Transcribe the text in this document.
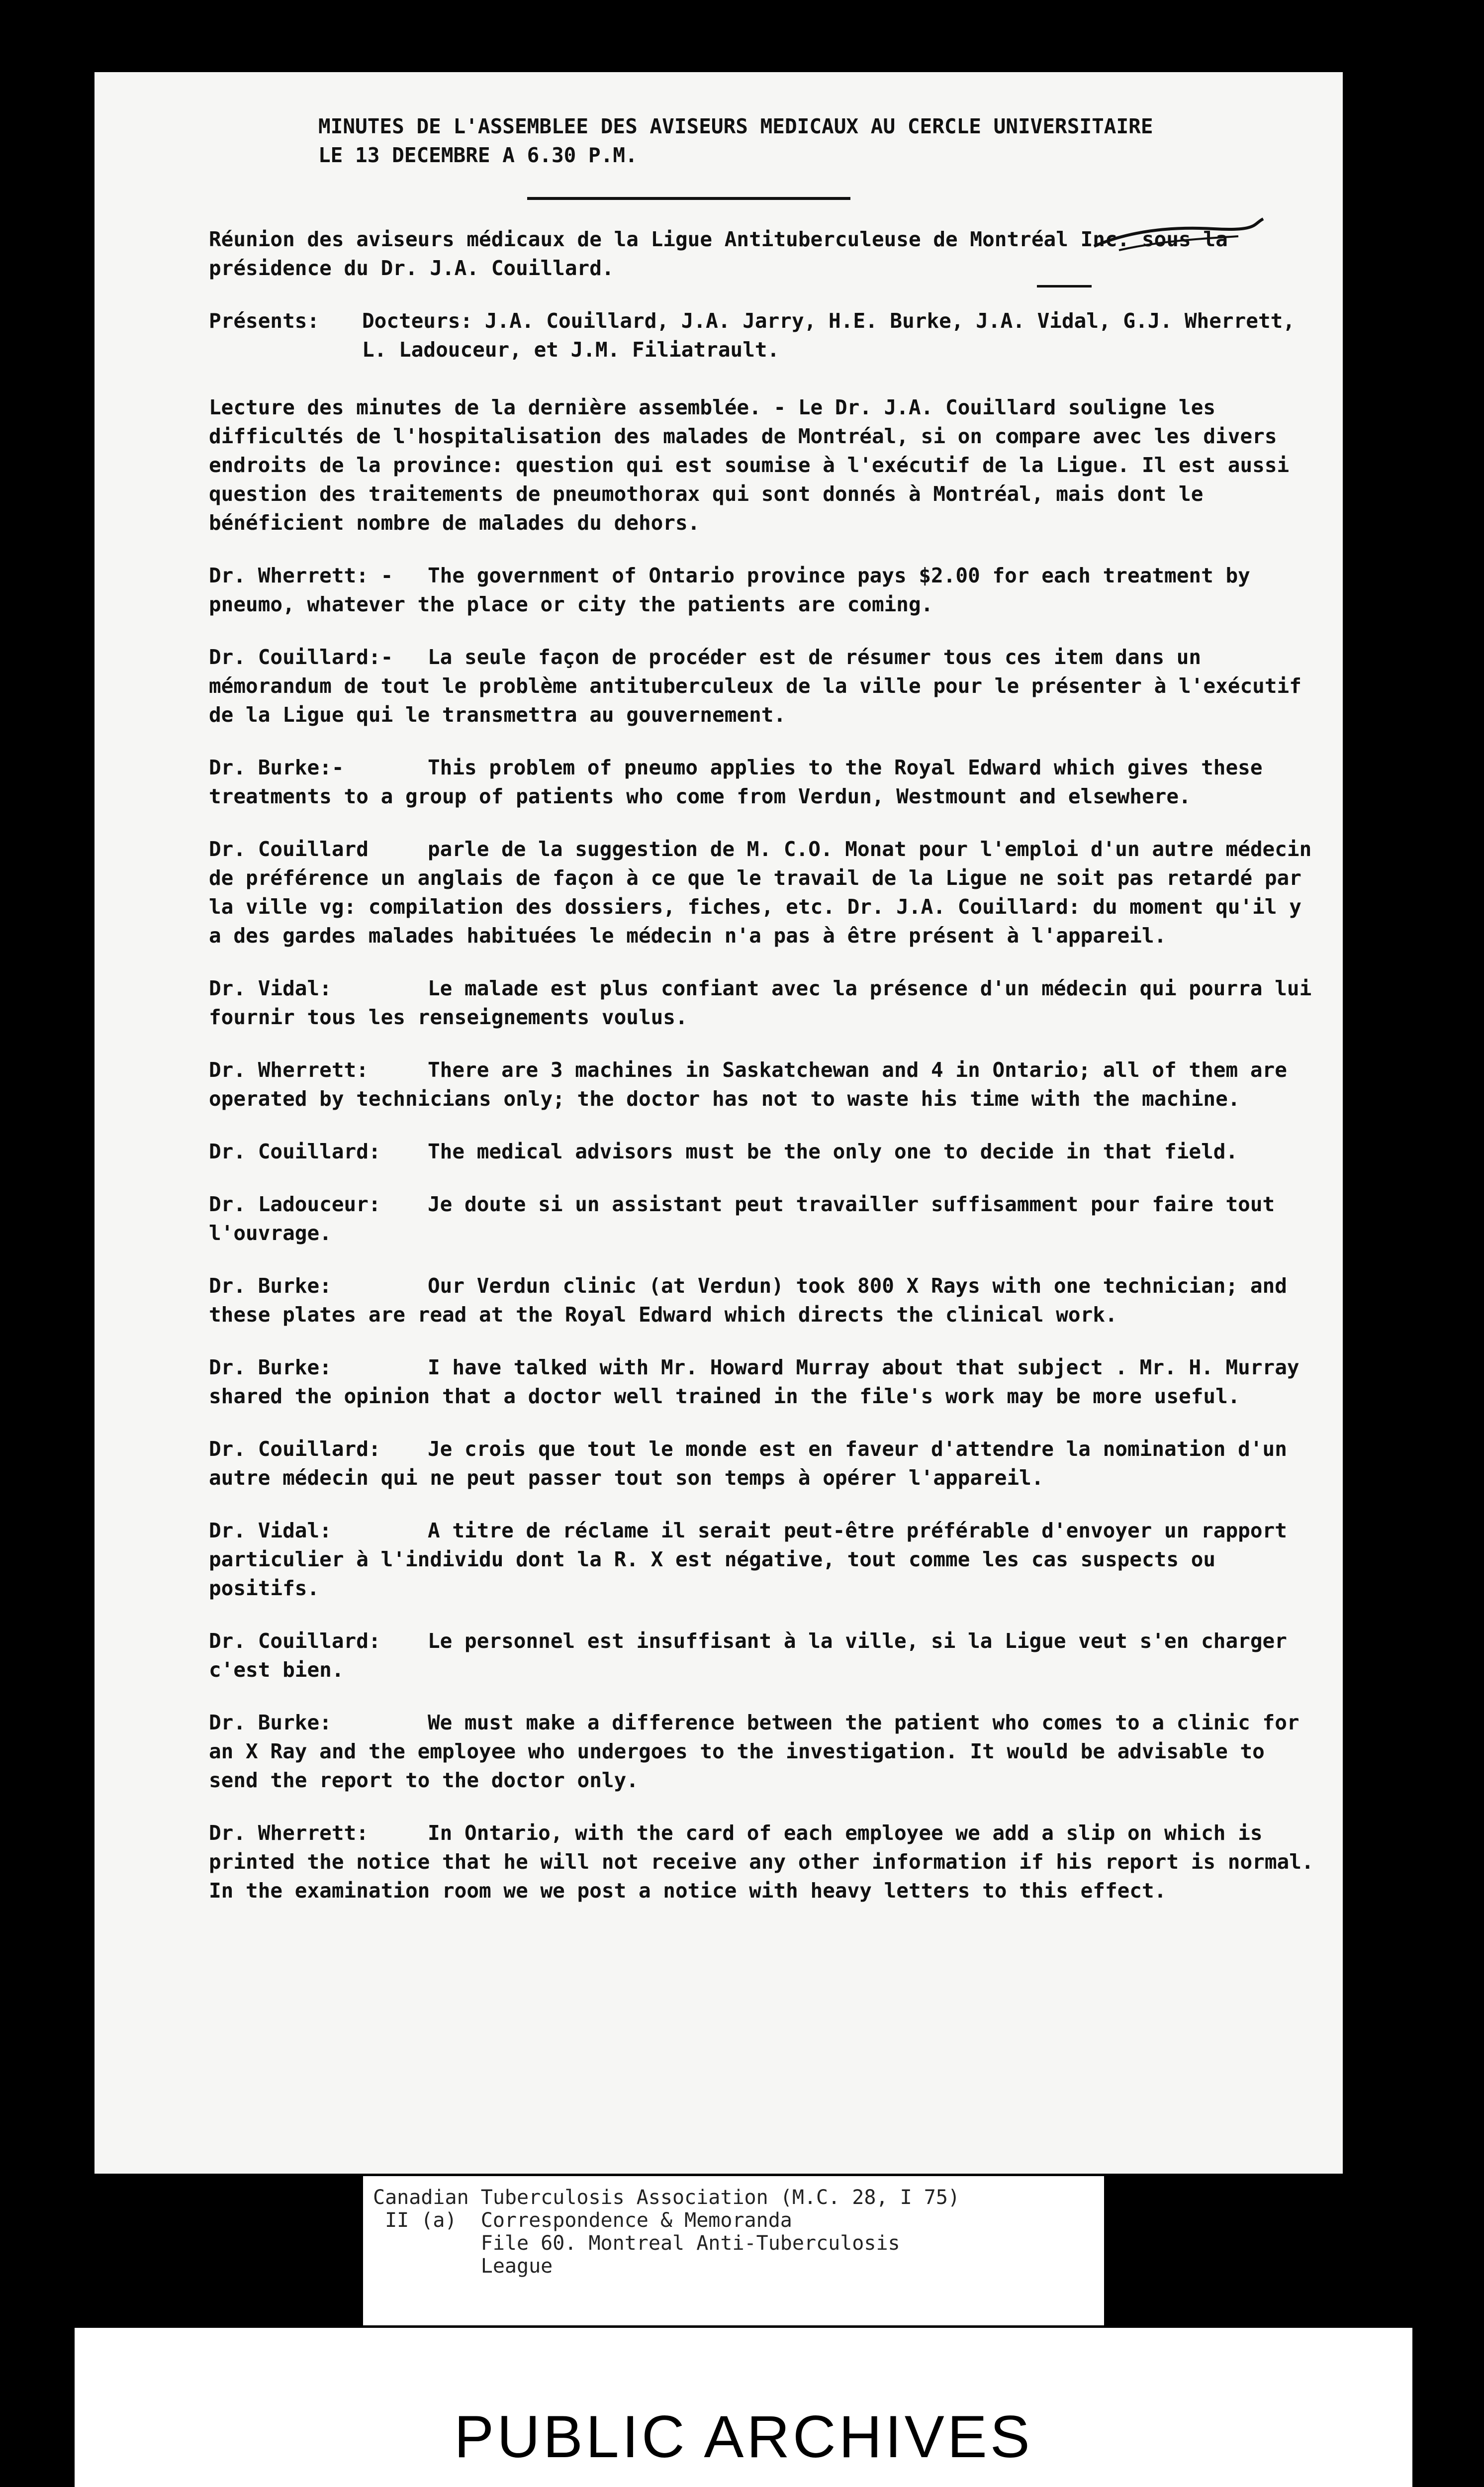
MINUTES DE L'ASSEMBLEE DES AVISEURS MEDICAUX AU CERCLE UNIVERSITAIRE
LE 13 DECEMBRE A 6.30 P.M.

Réunion des aviseurs médicaux de la Ligue Antituberculeuse de Montréal Inc. sous la présidence du Dr. J.A. Couillard.

Présents:	Docteurs: J.A. Couillard, J.A. Jarry, H.E. Burke, J.A. Vidal, G.J. Wherrett, L. Ladouceur, et J.M. Filiatrault.

Lecture des minutes de la dernière assemblée. - Le Dr. J.A. Couillard souligne les difficultés de l'hospitalisation des malades de Montréal, si on compare avec les divers endroits de la province: question qui est soumise à l'exécutif de la Ligue. Il est aussi question des traitements de pneumothorax qui sont donnés à Montréal, mais dont le bénéficient nombre de malades du dehors.

Dr. Wherrett: - The government of Ontario province pays $2.00 for each treatment by pneumo, whatever the place or city the patients are coming.

Dr. Couillard:- La seule façon de procéder est de résumer tous ces item dans un mémorandum de tout le problème antituberculeux de la ville pour le présenter à l'exécutif de la Ligue qui le transmettra au gouvernement.

Dr. Burke:-	This problem of pneumo applies to the Royal Edward which gives these treatments to a group of patients who come from Verdun, Westmount and elsewhere.

Dr. Couillard	parle de la suggestion de M. C.O. Monat pour l'emploi d'un autre médecin de préférence un anglais de façon à ce que le travail de la Ligue ne soit pas retardé par la ville vg: compilation des dossiers, fiches, etc. Dr. J.A. Couillard: du moment qu'il y a des gardes malades habituées le médecin n'a pas à être présent à l'appareil.

Dr. Vidal:	Le malade est plus confiant avec la présence d'un médecin qui pourra lui fournir tous les renseignements voulus.

Dr. Wherrett:	There are 3 machines in Saskatchewan and 4 in Ontario; all of them are operated by technicians only; the doctor has not to waste his time with the machine.

Dr. Couillard: The medical advisors must be the only one to decide in that field.

Dr. Ladouceur: Je doute si un assistant peut travailler suffisamment pour faire tout l'ouvrage.

Dr. Burke:	Our Verdun clinic (at Verdun) took 800 X Rays with one technician; and these plates are read at the Royal Edward which directs the clinical work.

Dr. Burke:	I have talked with Mr. Howard Murray about that subject . Mr. H. Murray shared the opinion that a doctor well trained in the file's work may be more useful.

Dr. Couillard: Je crois que tout le monde est en faveur d'attendre la nomination d'un autre médecin qui ne peut passer tout son temps à opérer l'appareil.

Dr. Vidal:	A titre de réclame il serait peut-être préférable d'envoyer un rapport particulier à l'individu dont la R. X est négative, tout comme les cas suspects ou positifs.

Dr. Couillard: Le personnel est insuffisant à la ville, si la Ligue veut s'en charger c'est bien.

Dr. Burke:	We must make a difference between the patient who comes to a clinic for an X Ray and the employee who undergoes to the investigation. It would be advisable to send the report to the doctor only.

Dr. Wherrett:	In Ontario, with the card of each employee we add a slip on which is printed the notice that he will not receive any other information if his report is normal. In the examination room we we post a notice with heavy letters to this effect.

Canadian Tuberculosis Association (M.C. 28, I 75)
II (a)  Correspondence & Memoranda
File 60. Montreal Anti-Tuberculosis
League
PUBLIC ARCHIVES
